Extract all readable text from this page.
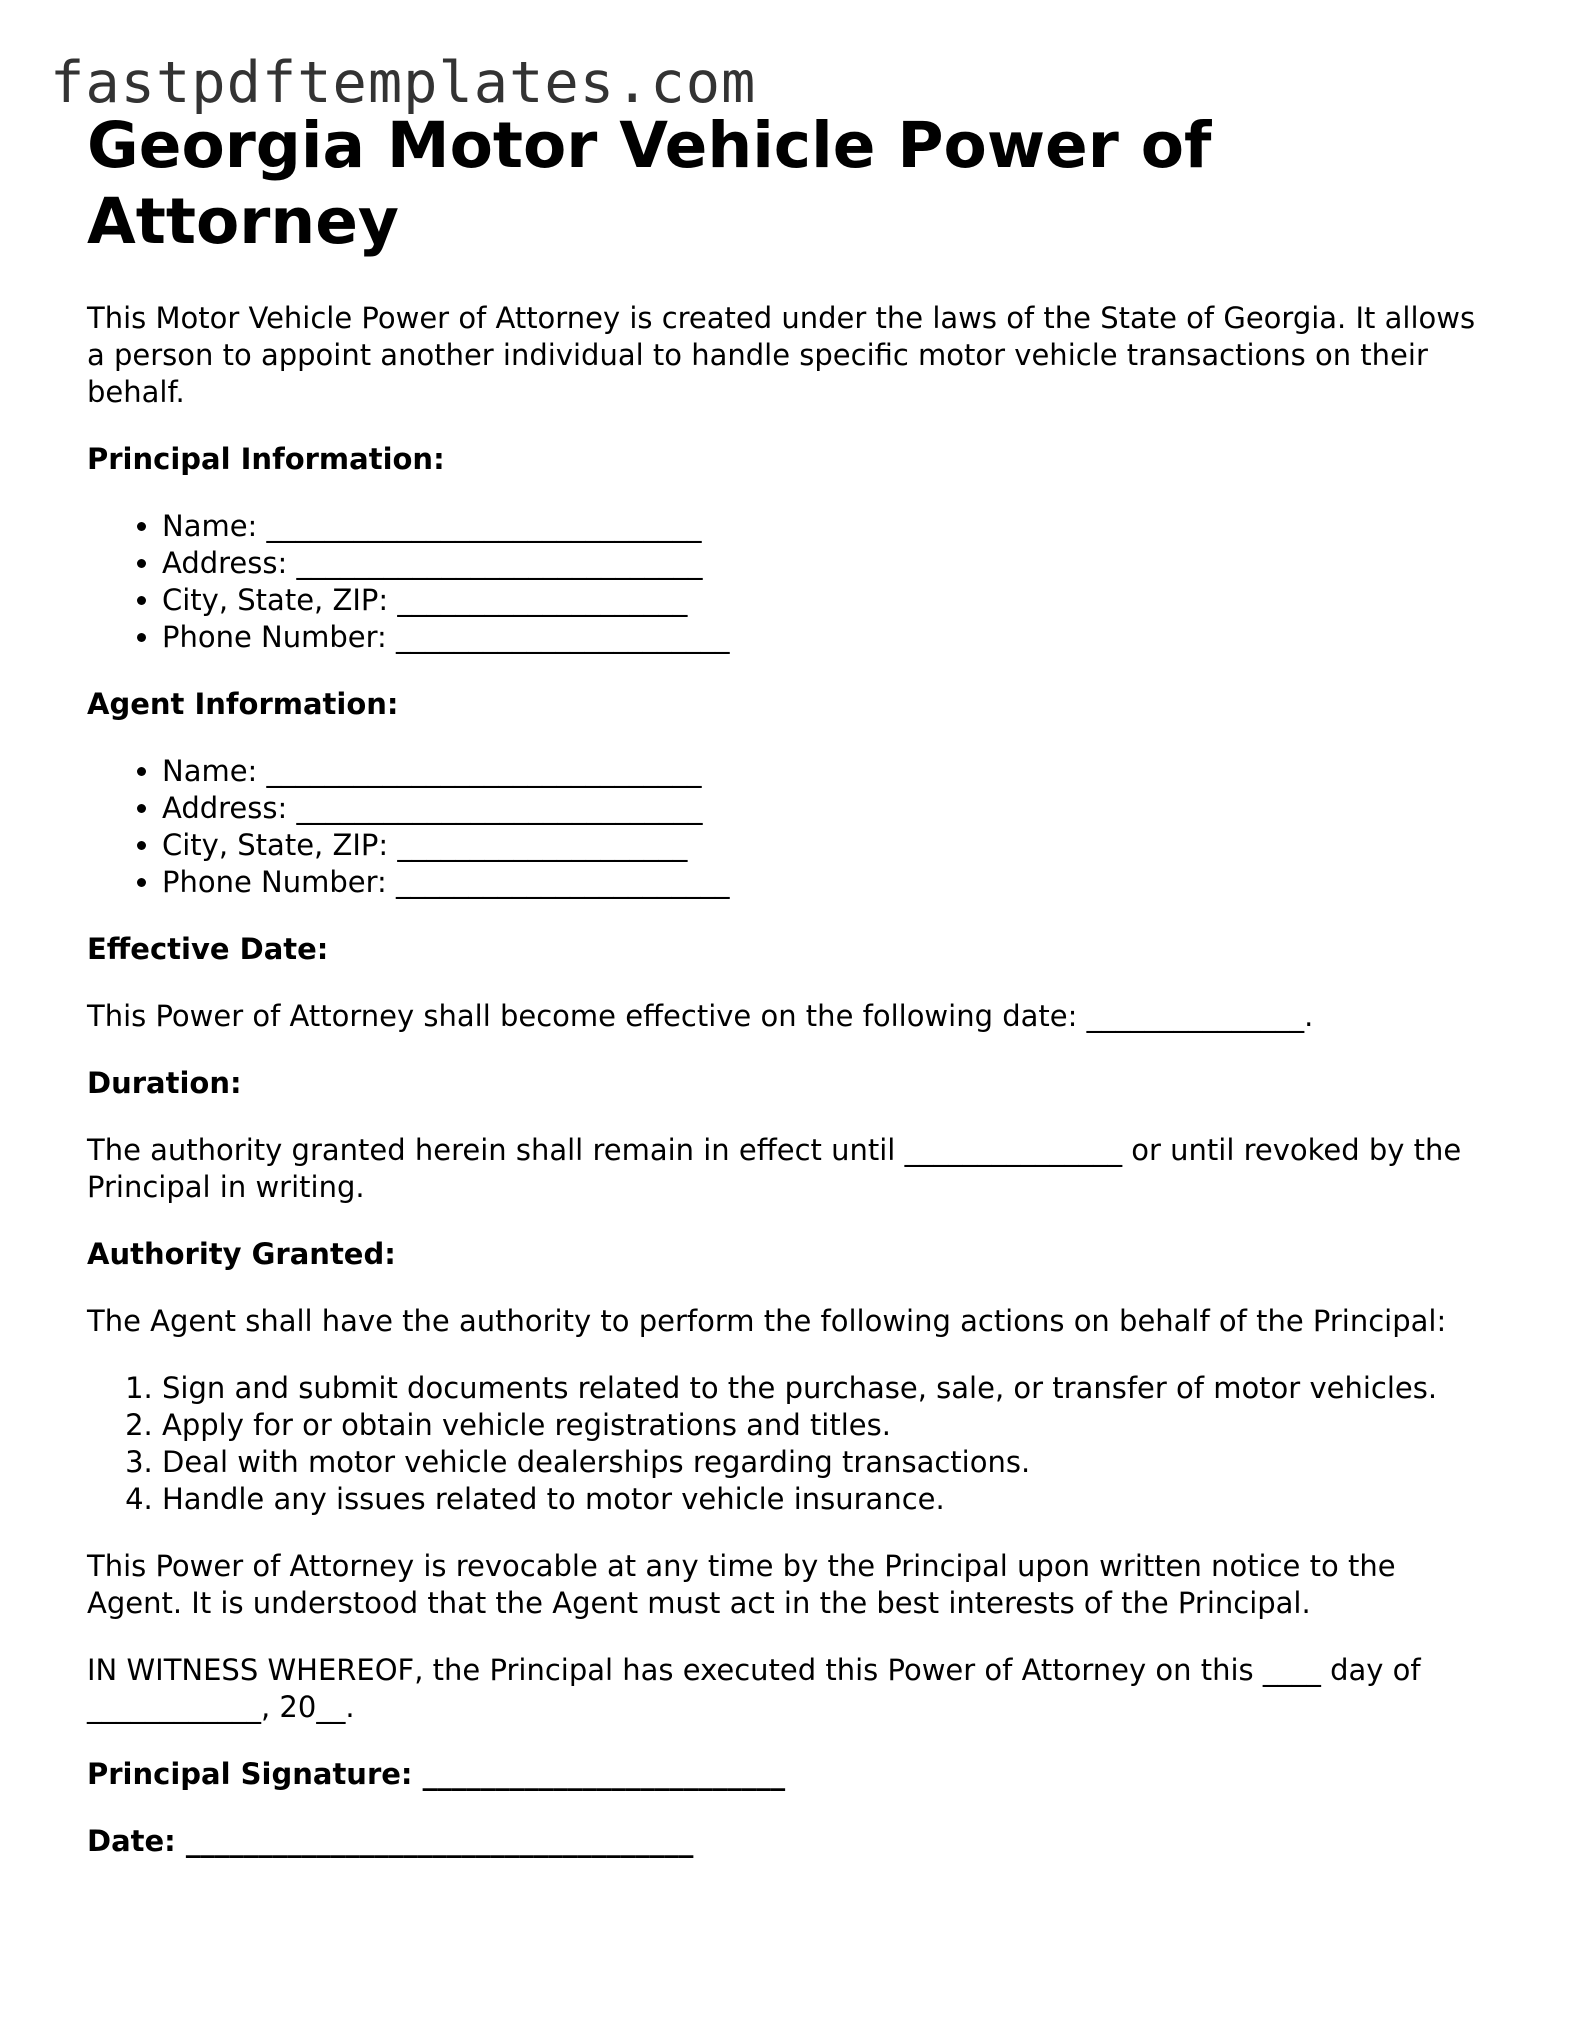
fastpdftemplates.com
Georgia Motor Vehicle Power of Attorney

This Motor Vehicle Power of Attorney is created under the laws of the State of Georgia. It allows a person to appoint another individual to handle specific motor vehicle transactions on their behalf.

Principal Information:

• Name: ______________________________
• Address: ____________________________
• City, State, ZIP: ____________________
• Phone Number: _______________________

Agent Information:

• Name: ______________________________
• Address: ____________________________
• City, State, ZIP: ____________________
• Phone Number: _______________________

Effective Date:

This Power of Attorney shall become effective on the following date: _______________.

Duration:

The authority granted herein shall remain in effect until _______________ or until revoked by the Principal in writing.

Authority Granted:

The Agent shall have the authority to perform the following actions on behalf of the Principal:

1. Sign and submit documents related to the purchase, sale, or transfer of motor vehicles.
2. Apply for or obtain vehicle registrations and titles.
3. Deal with motor vehicle dealerships regarding transactions.
4. Handle any issues related to motor vehicle insurance.

This Power of Attorney is revocable at any time by the Principal upon written notice to the Agent. It is understood that the Agent must act in the best interests of the Principal.

IN WITNESS WHEREOF, the Principal has executed this Power of Attorney on this ____ day of ____________, 20__.

Principal Signature: _________________________

Date: ___________________________________
